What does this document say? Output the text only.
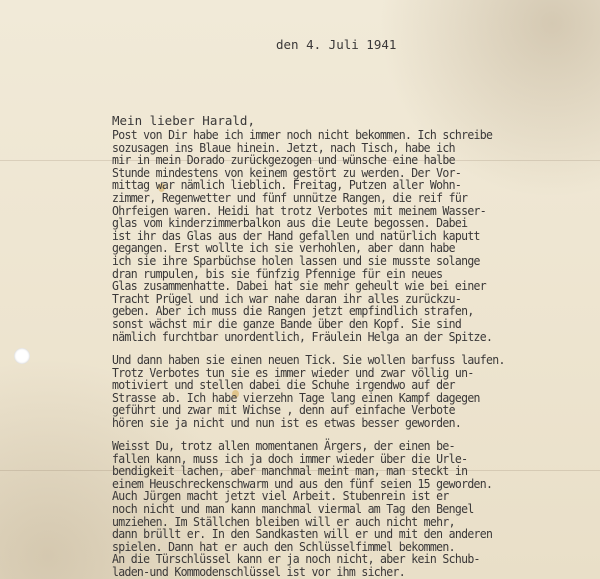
den 4. Juli 1941
Mein lieber Harald,
Post von Dir habe ich immer noch nicht bekommen. Ich schreibe
sozusagen ins Blaue hinein. Jetzt, nach Tisch, habe ich
mir in mein Dorado zurückgezogen und wünsche eine halbe
Stunde mindestens von keinem gestört zu werden. Der Vor-
mittag war nämlich lieblich. Freitag, Putzen aller Wohn-
zimmer, Regenwetter und fünf unnütze Rangen, die reif für
Ohrfeigen waren. Heidi hat trotz Verbotes mit meinem Wasser-
glas vom kinderzimmerbalkon aus die Leute begossen. Dabei
ist ihr das Glas aus der Hand gefallen und natürlich kaputt
gegangen. Erst wollte ich sie verhohlen, aber dann habe
ich sie ihre Sparbüchse holen lassen und sie musste solange
dran rumpulen, bis sie fünfzig Pfennige für ein neues
Glas zusammenhatte. Dabei hat sie mehr geheult wie bei einer
Tracht Prügel und ich war nahe daran ihr alles zurückzu-
geben. Aber ich muss die Rangen jetzt empfindlich strafen,
sonst wächst mir die ganze Bande über den Kopf. Sie sind
nämlich furchtbar unordentlich, Fräulein Helga an der Spitze.
Und dann haben sie einen neuen Tick. Sie wollen barfuss laufen.
Trotz Verbotes tun sie es immer wieder und zwar völlig un-
motiviert und stellen dabei die Schuhe irgendwo auf der
Strasse ab. Ich habe vierzehn Tage lang einen Kampf dagegen
geführt und zwar mit Wichse , denn auf einfache Verbote
hören sie ja nicht und nun ist es etwas besser geworden.
Weisst Du, trotz allen momentanen Ärgers, der einen be-
fallen kann, muss ich ja doch immer wieder über die Urle-
bendigkeit lachen, aber manchmal meint man, man steckt in
einem Heuschreckenschwarm und aus den fünf seien 15 geworden.
Auch Jürgen macht jetzt viel Arbeit. Stubenrein ist er
noch nicht und man kann manchmal viermal am Tag den Bengel
umziehen. Im Ställchen bleiben will er auch nicht mehr,
dann brüllt er. In den Sandkasten will er und mit den anderen
spielen. Dann hat er auch den Schlüsselfimmel bekommen.
An die Türschlüssel kann er ja noch nicht, aber kein Schub-
laden-und Kommodenschlüssel ist vor ihm sicher.
